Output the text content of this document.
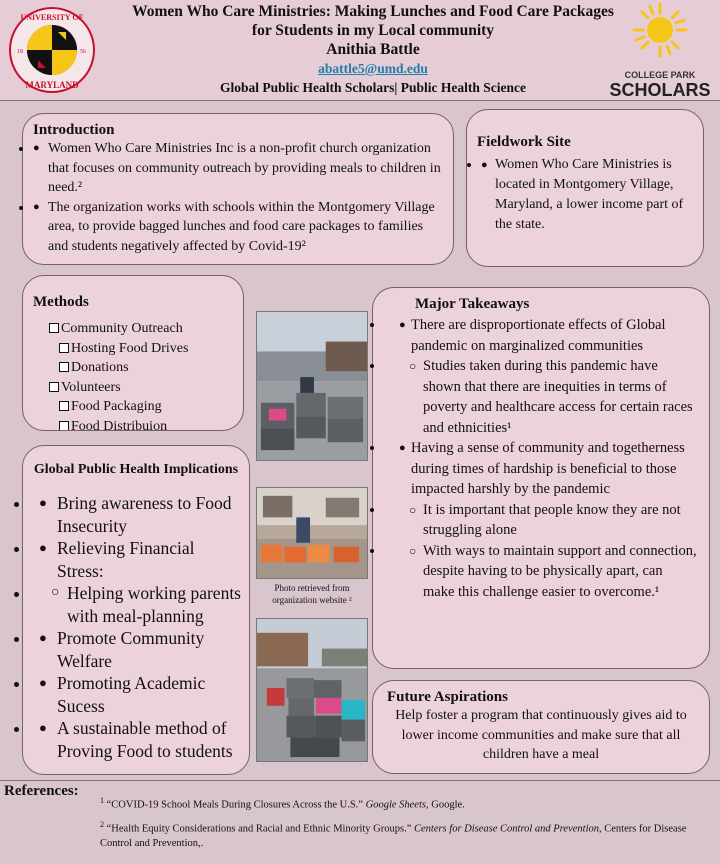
UNIVERSITY OF
MARYLAND
18	56
Women Who Care Ministries: Making Lunches and Food Care Packages
for Students in my Local community
Anithia Battle
abattle5@umd.edu
Global Public Health Scholars| Public Health Science
COLLEGE PARK
SCHOLARS
Introduction
● • Women Who Care Ministries Inc is a non-profit church organization that focuses on community outreach by providing meals to children in need.²
● • The organization works with schools within the Montgomery Village area, to provide bagged lunches and food care packages to families and students negatively affected by Covid-19²
Fieldwork Site
● • Women Who Care Ministries is located in Montgomery Village, Maryland, a lower income part of the state.
Methods
• Community Outreach
• Hosting Food Drives
• Donations
• Volunteers
• Food Packaging
• Food Distribuion
Global Public Health Implications
● • Bring awareness to Food Insecurity
● • Relieving Financial Stress:
○ • Helping working parents with meal-planning
● • Promote Community Welfare
● • Promoting Academic Sucess
● • A sustainable method of Proving Food to students
Photo retrieved from organization website ²
Major Takeaways
● • There are disproportionate effects of Global pandemic on marginalized communities
○ • Studies taken during this pandemic have shown that there are inequities in terms of poverty and healthcare access for certain races and ethnicities¹
● • Having a sense of community and togetherness during times of hardship is beneficial to those impacted harshly by the pandemic
○ • It is important that people know they are not struggling alone
○ • With ways to maintain support and connection, despite having to be physically apart, can make this challenge easier to overcome.¹
Future Aspirations

Help foster a program that continuously gives aid to lower income communities and make sure that all children have a meal

References:

$^1$ “COVID-19 School Meals During Closures Across the U.S.” Google Sheets, Google.

$^2$ “Health Equity Considerations and Racial and Ethnic Minority Groups.” Centers for Disease Control and Prevention, Centers for Disease Control and Prevention,.
